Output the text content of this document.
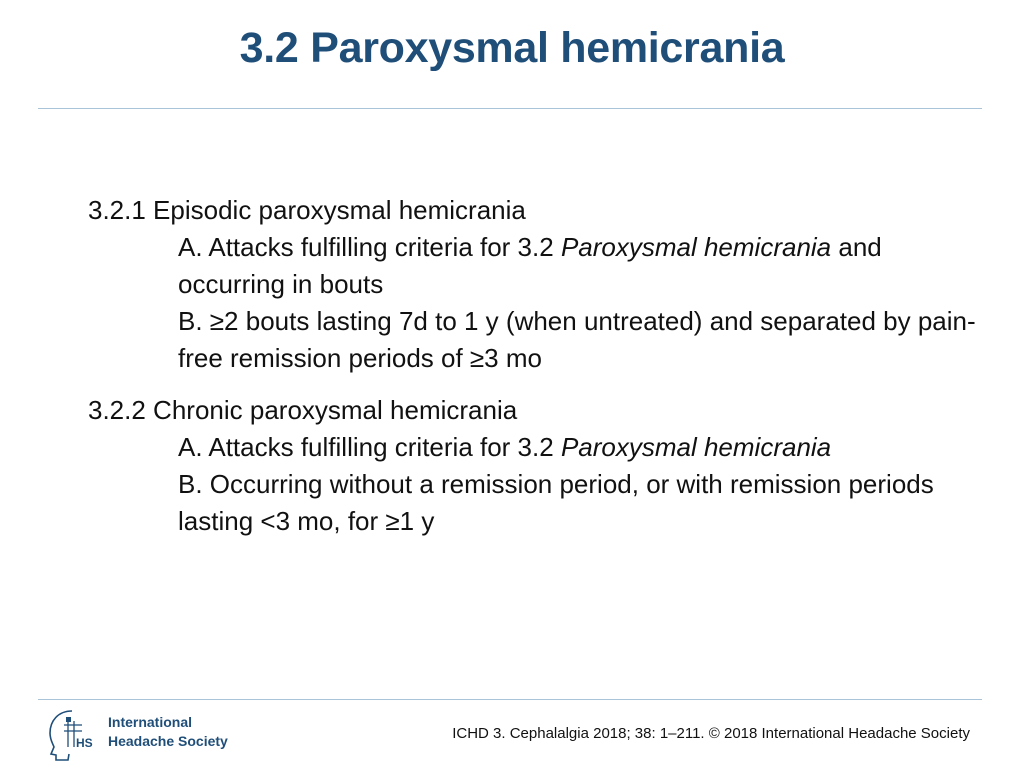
3.2 Paroxysmal hemicrania

3.2.1 Episodic paroxysmal hemicrania

A. Attacks fulfilling criteria for 3.2 Paroxysmal hemicrania and occurring in bouts

B. ≥2 bouts lasting 7d to 1 y (when untreated) and separated by pain-free remission periods of ≥3 mo

3.2.2 Chronic paroxysmal hemicrania

A. Attacks fulfilling criteria for 3.2 Paroxysmal hemicrania

B. Occurring without a remission period, or with remission periods lasting <3 mo, for ≥1 y

HS
International
Headache Society	ICHD 3. Cephalalgia 2018; 38: 1–211. © 2018 International Headache Society
